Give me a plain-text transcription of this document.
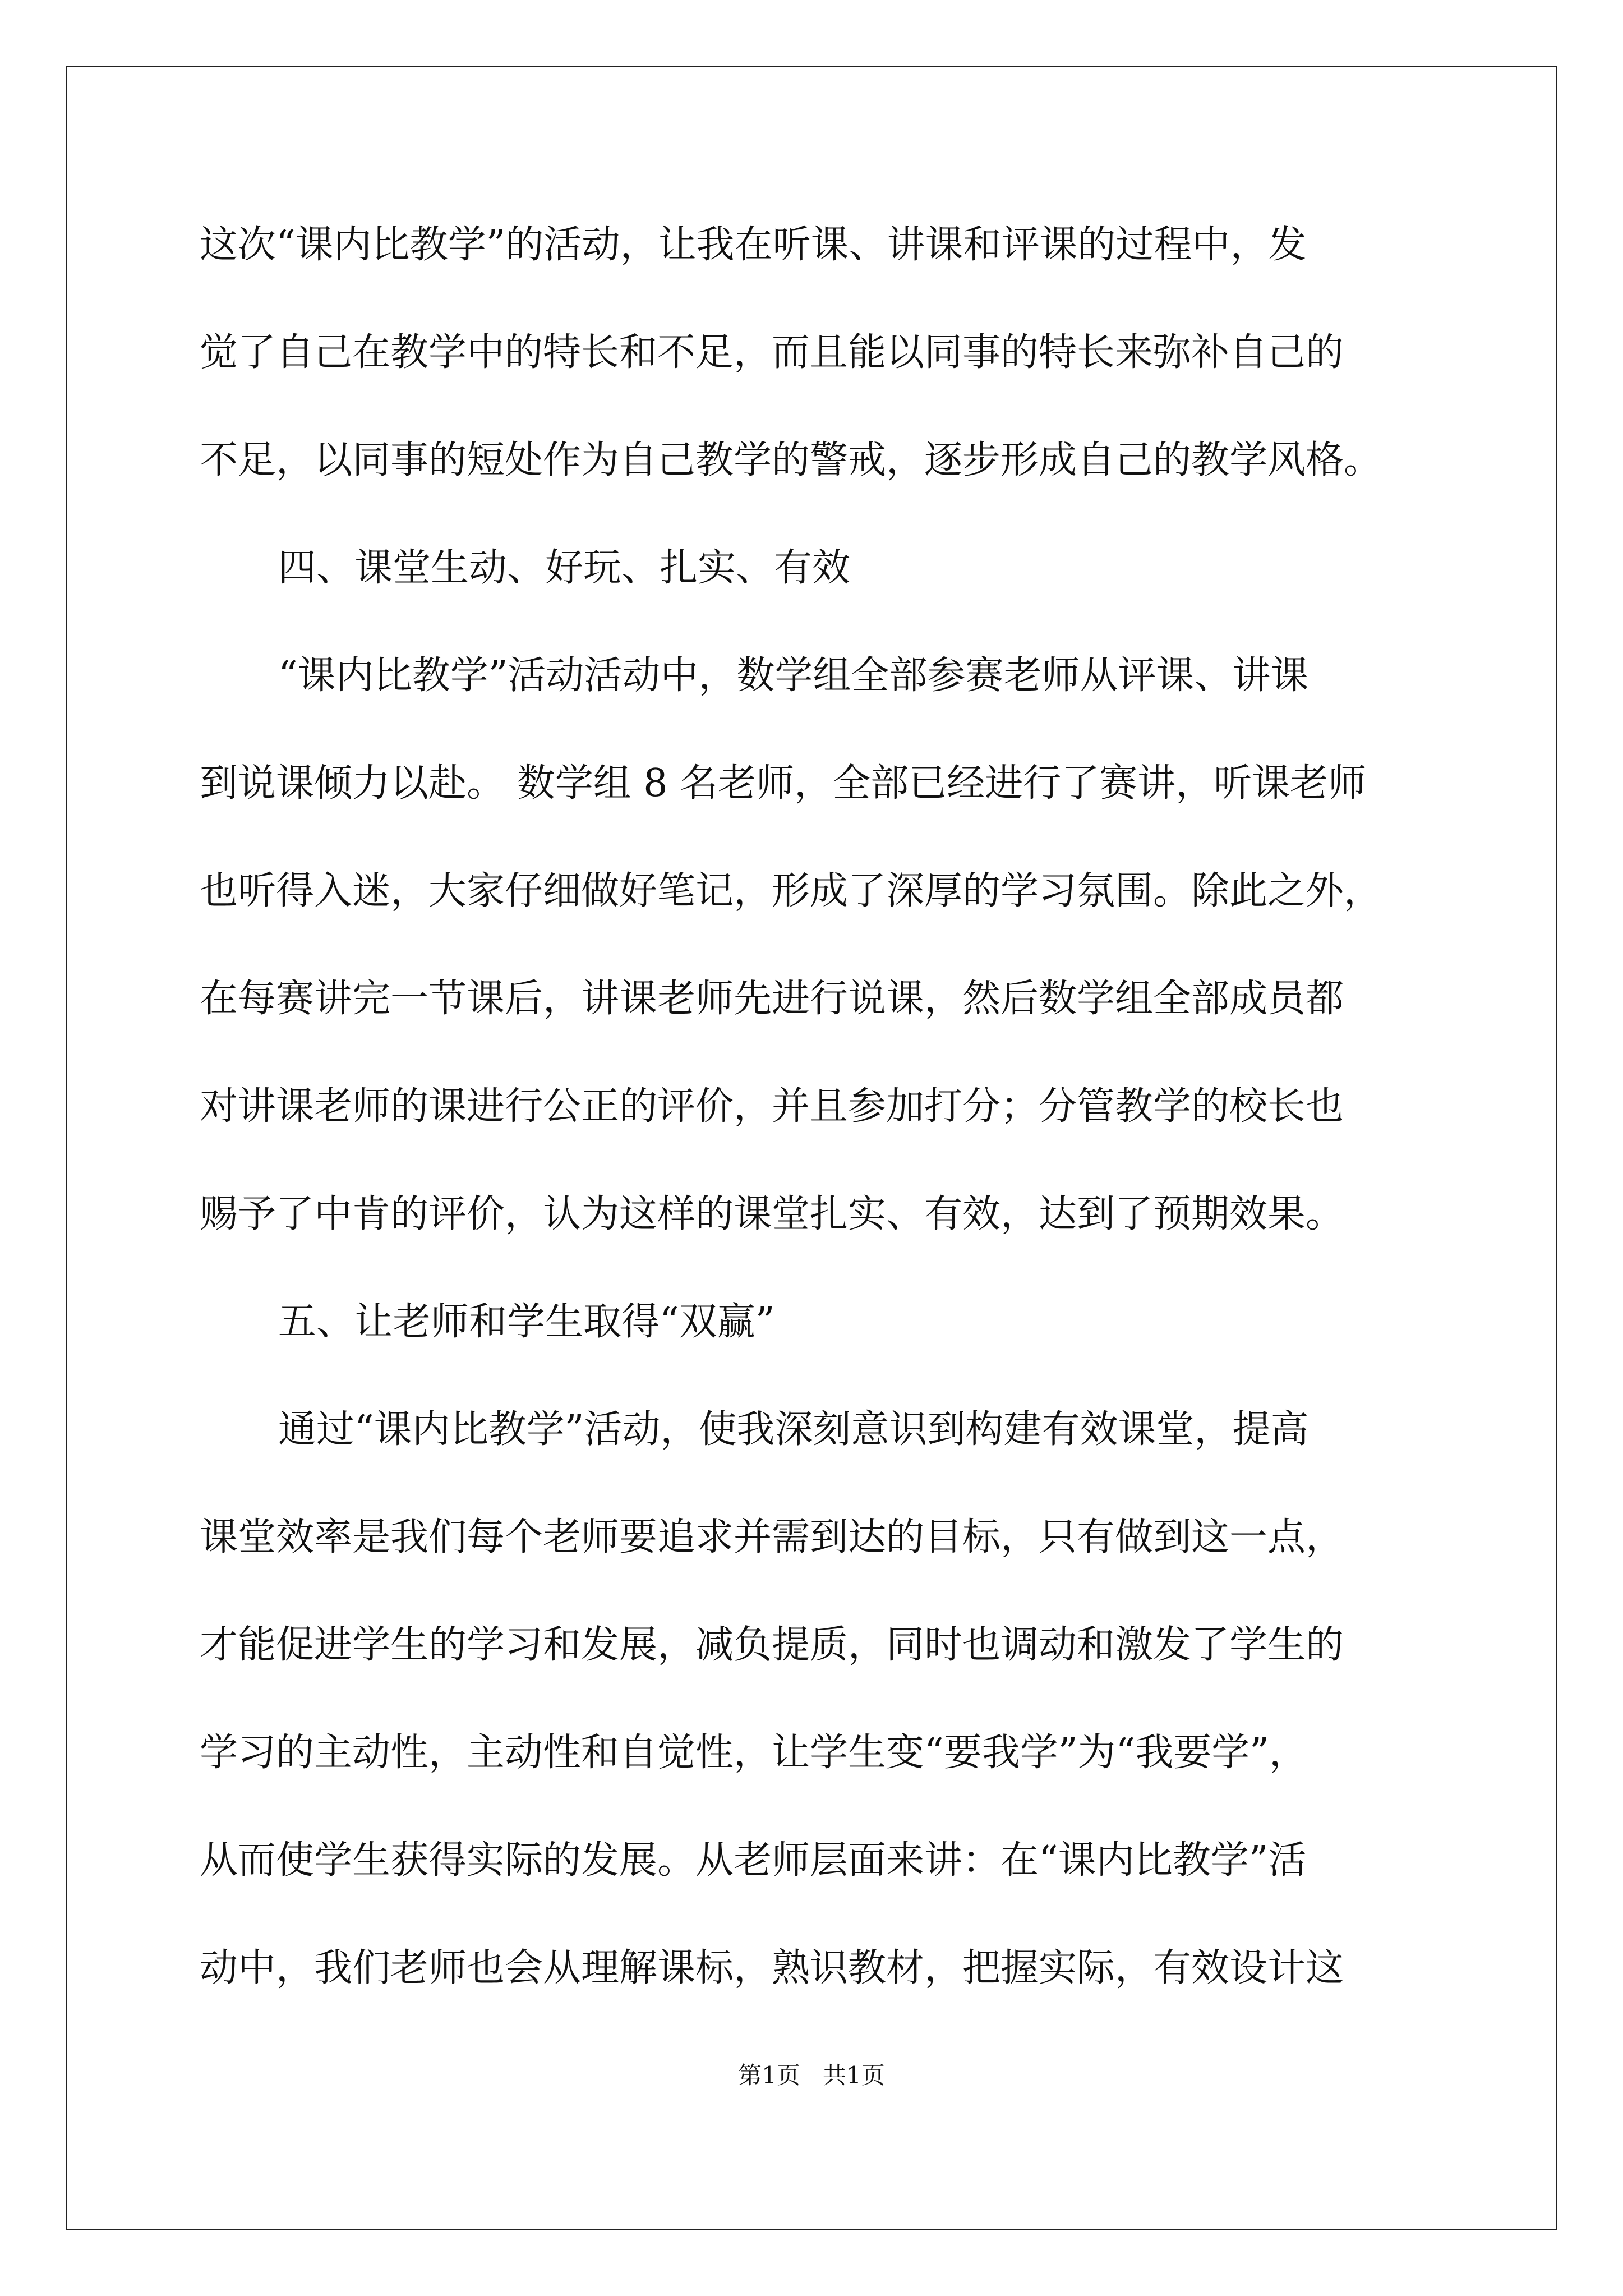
这次“课内比教学”的活动，让我在听课、讲课和评课的过程中，发
觉了自己在教学中的特长和不足，而且能以同事的特长来弥补自己的
不足，以同事的短处作为自己教学的警戒，逐步形成自己的教学风格。
四、课堂生动、好玩、扎实、有效
“课内比教学”活动活动中，数学组全部参赛老师从评课、讲课
到说课倾力以赴。 数学组 8 名老师，全部已经进行了赛讲，听课老师
也听得入迷，大家仔细做好笔记，形成了深厚的学习氛围。除此之外，
在每赛讲完一节课后，讲课老师先进行说课，然后数学组全部成员都
对讲课老师的课进行公正的评价，并且参加打分；分管教学的校长也
赐予了中肯的评价，认为这样的课堂扎实、有效，达到了预期效果。
五、让老师和学生取得“双赢”
通过“课内比教学”活动，使我深刻意识到构建有效课堂，提高
课堂效率是我们每个老师要追求并需到达的目标，只有做到这一点，
才能促进学生的学习和发展，减负提质，同时也调动和激发了学生的
学习的主动性，主动性和自觉性，让学生变“要我学”为“我要学”，
从而使学生获得实际的发展。从老师层面来讲：在“课内比教学”活
动中，我们老师也会从理解课标，熟识教材，把握实际，有效设计这
第1页 共1页
